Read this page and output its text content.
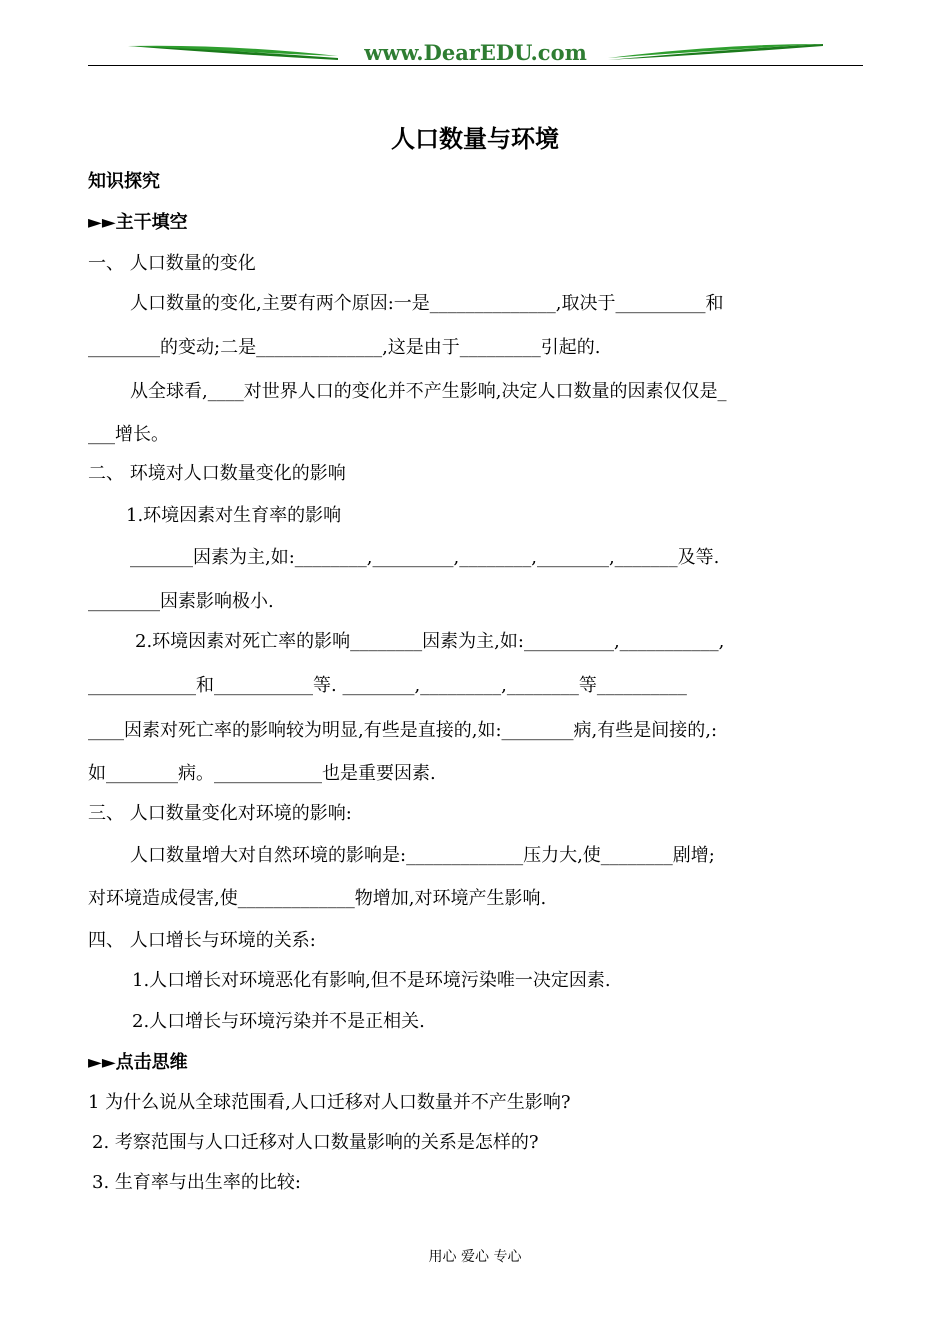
www.DearEDU.com
人口数量与环境
知识探究
►►主干填空
一、 人口数量的变化
人口数量的变化,主要有两个原因:一是______________,取决于__________和
________的变动;二是______________,这是由于_________引起的.
从全球看,____对世界人口的变化并不产生影响,决定人口数量的因素仅仅是_
___增长。
二、 环境对人口数量变化的影响
1.环境因素对生育率的影响
_______因素为主,如:________,_________,________,________,_______及等.
________因素影响极小.
2.环境因素对死亡率的影响________因素为主,如:__________,___________,
____________和___________等. ________,_________,________等__________
____因素对死亡率的影响较为明显,有些是直接的,如:________病,有些是间接的,:
如________病。____________也是重要因素.
三、 人口数量变化对环境的影响:
人口数量增大对自然环境的影响是:_____________压力大,使________剧增;
对环境造成侵害,使_____________物增加,对环境产生影响.
四、 人口增长与环境的关系:
1.人口增长对环境恶化有影响,但不是环境污染唯一决定因素.
2.人口增长与环境污染并不是正相关.
►►点击思维
1 为什么说从全球范围看,人口迁移对人口数量并不产生影响?
2. 考察范围与人口迁移对人口数量影响的关系是怎样的?
3. 生育率与出生率的比较:
用心 爱心 专心
